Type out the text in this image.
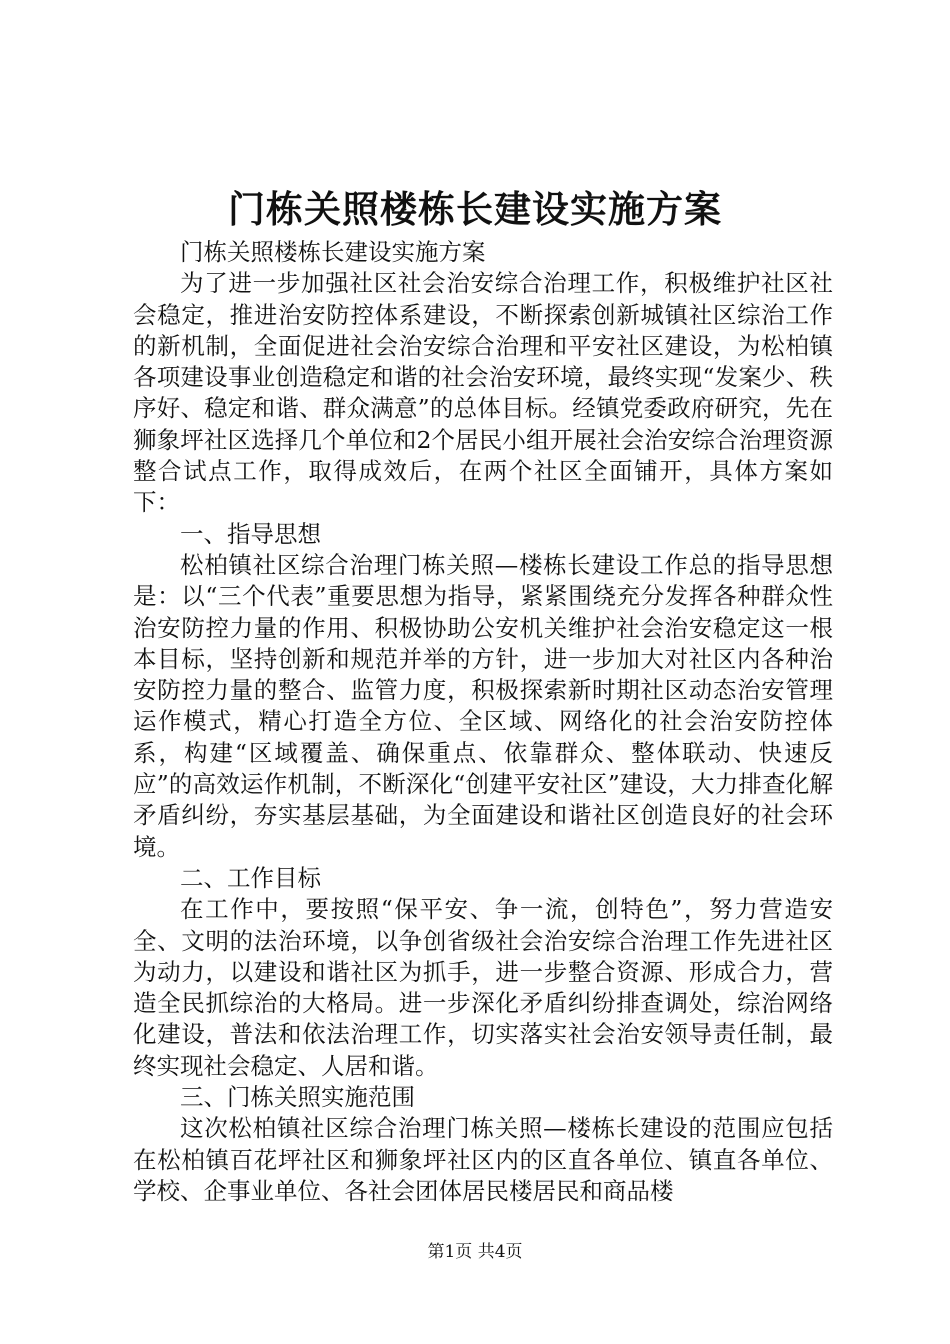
门栋关照楼栋长建设实施方案

门栋关照楼栋长建设实施方案

为了进一步加强社区社会治安综合治理工作，积极维护社区社会稳定，推进治安防控体系建设，不断探索创新城镇社区综治工作的新机制，全面促进社会治安综合治理和平安社区建设，为松柏镇各项建设事业创造稳定和谐的社会治安环境，最终实现“发案少、秩序好、稳定和谐、群众满意”的总体目标。经镇党委政府研究，先在狮象坪社区选择几个单位和2个居民小组开展社会治安综合治理资源整合试点工作，取得成效后，在两个社区全面铺开，具体方案如下：

一、指导思想

松柏镇社区综合治理门栋关照—楼栋长建设工作总的指导思想是：以“三个代表”重要思想为指导，紧紧围绕充分发挥各种群众性治安防控力量的作用、积极协助公安机关维护社会治安稳定这一根本目标，坚持创新和规范并举的方针，进一步加大对社区内各种治安防控力量的整合、监管力度，积极探索新时期社区动态治安管理运作模式，精心打造全方位、全区域、网络化的社会治安防控体系，构建“区域覆盖、确保重点、依靠群众、整体联动、快速反应”的高效运作机制，不断深化“创建平安社区”建设，大力排查化解矛盾纠纷，夯实基层基础，为全面建设和谐社区创造良好的社会环境。

二、工作目标

在工作中，要按照“保平安、争一流，创特色”，努力营造安全、文明的法治环境，以争创省级社会治安综合治理工作先进社区为动力，以建设和谐社区为抓手，进一步整合资源、形成合力，营造全民抓综治的大格局。进一步深化矛盾纠纷排查调处，综治网络化建设，普法和依法治理工作，切实落实社会治安领导责任制，最终实现社会稳定、人居和谐。

三、门栋关照实施范围

这次松柏镇社区综合治理门栋关照—楼栋长建设的范围应包括在松柏镇百花坪社区和狮象坪社区内的区直各单位、镇直各单位、学校、企事业单位、各社会团体居民楼居民和商品楼

第1页 共4页
